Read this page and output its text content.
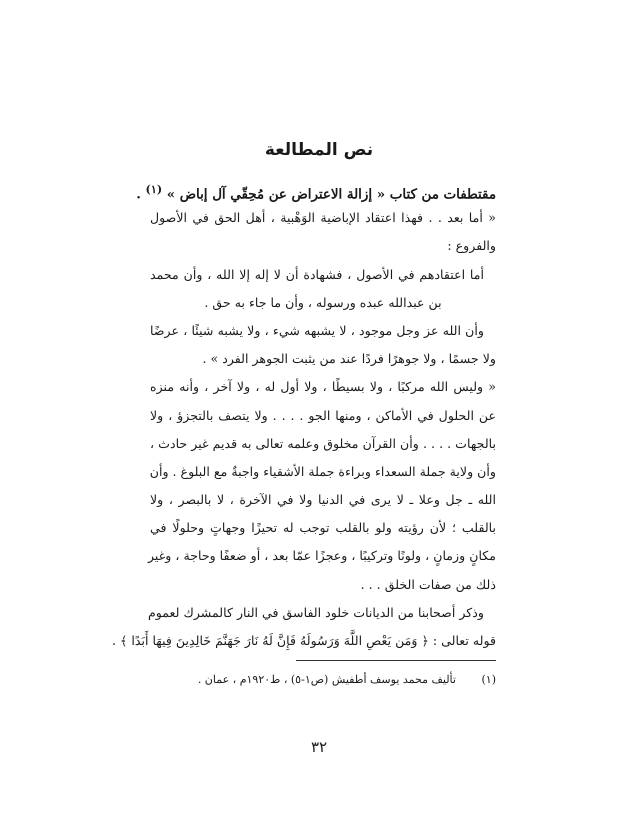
نص المطالعة
مقتطفات من كتاب « إزالة الاعتراض عن مُحِقّي آل إباض » $^{(١)}$ .
« أما بعد . . فهذا اعتقاد الإباضية الوَهْبية ، أهل الحق في الأصول
والفروع :
أما اعتقادهم في الأصول ، فشهادة أن لا إله إلا الله ، وأن محمد
بن عبدالله عبده ورسوله ، وأن ما جاء به حق .
وأن الله عز وجل موجود ، لا يشبهه شيء ، ولا يشبه شيئًا ، عرضًا
ولا جسمًا ، ولا جوهرًا فردًا عند من يثبت الجوهر الفرد » .
« وليس الله مركبًا ، ولا بسيطًا ، ولا أول له ، ولا آخر ، وأنه منزه
عن الحلول في الأماكن ، ومنها الجو . . . . ولا يتصف بالتجزؤ ، ولا
بالجهات . . . . وأن القرآن مخلوق وعلمه تعالى به قديم غير حادث ،
وأن ولاية جملة السعداء وبراءة جملة الأشقياء واجبةٌ مع البلوغ . وأن
الله ـ جل وعلا ـ لا يرى في الدنيا ولا في الآخرة ، لا بالبصر ، ولا
بالقلب ؛ لأن رؤيته ولو بالقلب توجب له تحيزًا وجهاتٍ وحلولًا في
مكانٍ وزمانٍ ، ولونًا وتركيبًا ، وعجزًا عمّا بعد ، أو ضعفًا وحاجة ، وغير
ذلك من صفات الخلق . . .
وذكر أصحابنا من الديانات خلود الفاسق في النار كالمشرك لعموم
قوله تعالى : ﴿ وَمَن يَعْصِ اللَّهَ وَرَسُولَهُ فَإِنَّ لَهُ نَارَ جَهَنَّمَ خَالِدِينَ فِيهَا أَبَدًا ﴾ .
(١) تأليف محمد يوسف أطفيش (ص١-٥) ، ط١٩٢٠م ، عمان .
٣٢
